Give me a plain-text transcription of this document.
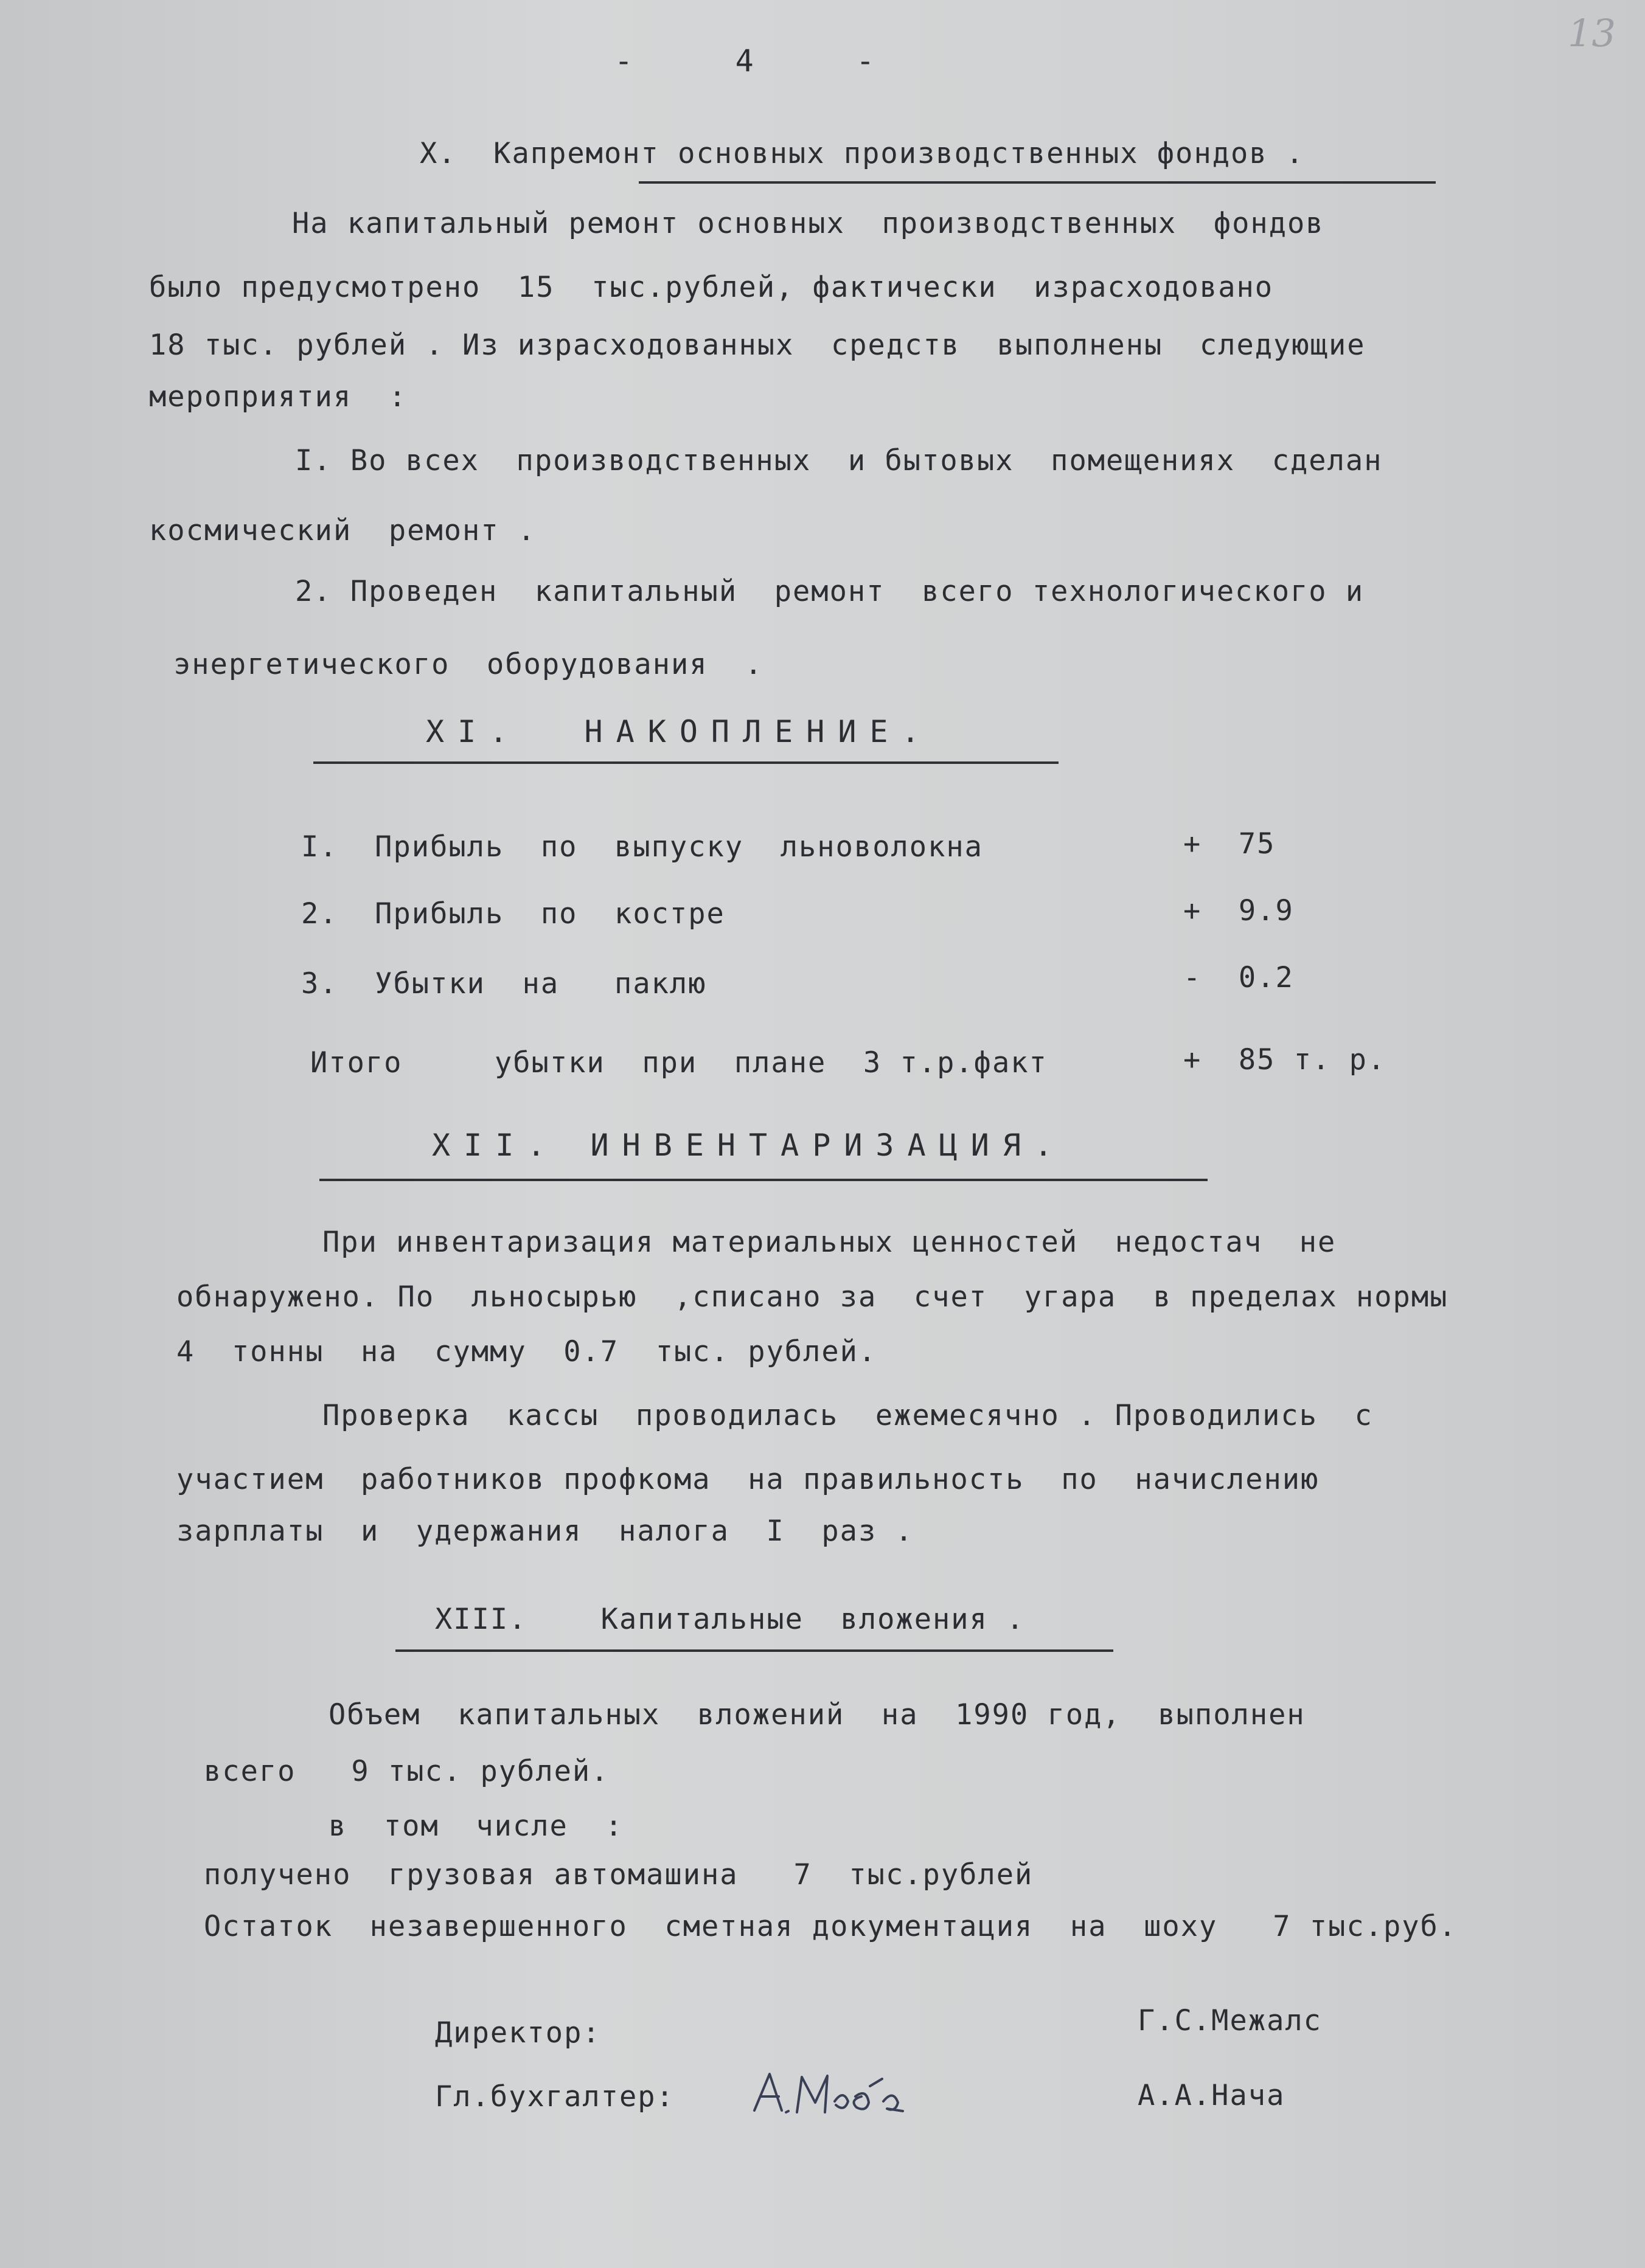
13
-     4     -
Х.  Капремонт основных производственных фондов .
На капитальный ремонт основных  производственных  фондов
было предусмотрено  15  тыс.рублей, фактически  израсходовано
18 тыс. рублей . Из израсходованных  средств  выполнены  следующие
мероприятия  :
I. Во всех  производственных  и бытовых  помещениях  сделан
космический  ремонт .
2. Проведен  капитальный  ремонт  всего технологического и
энергетического  оборудования  .
XI.  НАКОПЛЕНИЕ.
I.  Прибыль  по  выпуску  льноволокна	+  75
2.  Прибыль  по  костре	+  9.9
3.  Убытки  на   паклю	-  0.2
Итого     убытки  при  плане  3 т.р.факт	+  85 т. р.
XII. ИНВЕНТАРИЗАЦИЯ.
При инвентаризация материальных ценностей  недостач  не
обнаружено. По  льносырью  ,списано за  счет  угара  в пределах нормы
4  тонны  на  сумму  0.7  тыс. рублей.
Проверка  кассы  проводилась  ежемесячно . Проводились  с
участием  работников профкома  на правильность  по  начислению
зарплаты  и  удержания  налога  I  раз .
XIII.    Капитальные  вложения .
Объем  капитальных  вложений  на  1990 год,  выполнен
всего   9 тыс. рублей.
в  том  числе  :
получено  грузовая автомашина   7  тыс.рублей
Остаток  незавершенного  сметная документация  на  шоху   7 тыс.руб.
Директор:	Г.С.Межалс
Гл.бухгалтер:	А.А.Нача
